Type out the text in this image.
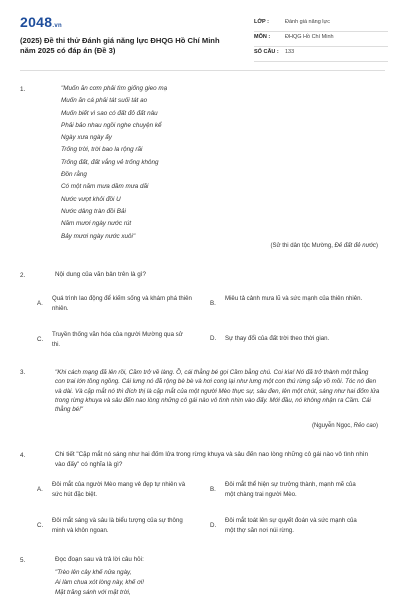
2048.vn
(2025) Đề thi thử Đánh giá năng lực ĐHQG Hồ Chí Minh năm 2025 có đáp án (Đề 3)
LỚP :	Đánh giá năng lực
MÔN :	ĐHQG Hồ Chí Minh
SỐ CÂU : 133
1.	"Muốn ăn cơm phải tìm giống gieo mạ
Muốn ăn cá phải tát suối tát ao
Muốn biết vì sao có đất đỏ đất nâu
Phải bảo nhau ngồi nghe chuyện kể
Ngày xưa ngày ấy
Trống trời, trời bao la rộng rãi
Trống đất, đất vắng vẻ trống không
Đồn rằng
Có một năm mưa dầm mưa dãi
Nước vượt khỏi đồi U
Nước dâng tràn đồi Bải
Năm mươi ngày nước rút
Bảy mươi ngày nước xuôi"
(Sử thi dân tộc Mường, Đẻ đất đẻ nước)
2.	Nội dung của văn bản trên là gì?
A.
Quá trình lao động để kiếm sống và khám phá thiên nhiên.
B.
Miêu tả cảnh mưa lũ và sức mạnh của thiên nhiên.
C.
Truyền thống văn hóa của người Mường qua sử thi.
D. Sự thay đổi của đất trời theo thời gian.
3.	"Khi cách mạng đã lên rồi, Cầm trở về làng. Ồ, cái thằng bé gọi Cầm bằng chú. Coi kìa! Nó đã trở thành một thằng con trai lớn tồng ngồng. Cái lưng nó đã rộng bè bè và hơi cong lại như lưng một con thú rừng sắp vồ mồi. Tóc nó đen và dài. Và cặp mắt nó thì đích thị là cặp mắt của một người Mèo thực sự, sâu đen, lên một chút, sáng như hai đốm lửa trong rừng khuya và sâu đến nao lòng những cô gái nào vô tình nhìn vào đấy. Mới đầu, nó không nhận ra Cầm. Cái thằng bé!"
(Nguyễn Ngọc, Rẻo cao)
4.	Chi tiết "Cặp mắt nó sáng như hai đốm lửa trong rừng khuya và sâu đến nao lòng những cô gái nào vô tình nhìn vào đấy" có nghĩa là gì?
A.
Đôi mắt của người Mèo mang vẻ đẹp tự nhiên và sức hút đặc biệt.
B.
Đôi mắt thể hiện sự trưởng thành, mạnh mẽ của một chàng trai người Mèo.
C.
Đôi mắt sáng và sâu là biểu tượng của sự thông minh và khôn ngoan.
D.
Đôi mắt toát lên sự quyết đoán và sức mạnh của một thợ săn nơi núi rừng.
5.	Đọc đoạn sau và trả lời câu hỏi:
"Trèo lên cây khế nửa ngày,
Ai làm chua xót lòng này, khế ơi!
Mặt trăng sánh với mặt trời,
